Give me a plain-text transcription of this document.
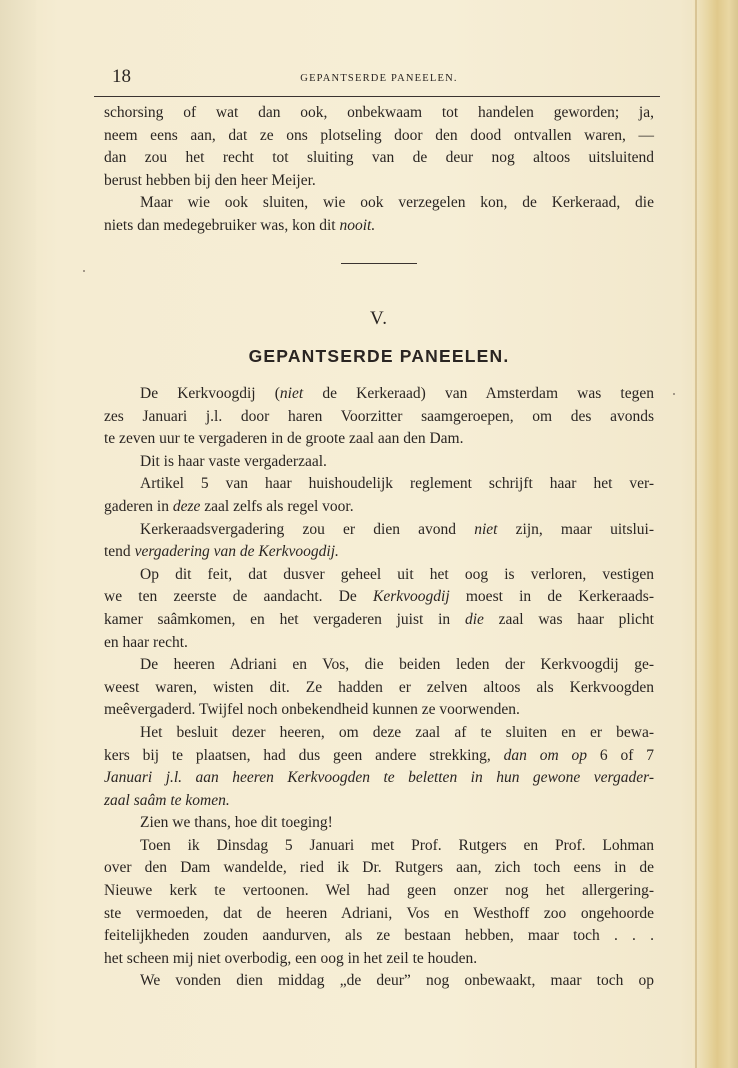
18	GEPANTSERDE PANEELEN.
schorsing of wat dan ook, onbekwaam tot handelen geworden; ja,
neem eens aan, dat ze ons plotseling door den dood ontvallen waren, —
dan zou het recht tot sluiting van de deur nog altoos uitsluitend
berust hebben bij den heer Meijer.
Maar wie ook sluiten, wie ook verzegelen kon, de Kerkeraad, die
niets dan medegebruiker was, kon dit nooit.
V.
GEPANTSERDE PANEELEN.
De Kerkvoogdij (niet de Kerkeraad) van Amsterdam was tegen
zes Januari j.l. door haren Voorzitter saamgeroepen, om des avonds
te zeven uur te vergaderen in de groote zaal aan den Dam.
Dit is haar vaste vergaderzaal.
Artikel 5 van haar huishoudelijk reglement schrijft haar het ver-
gaderen in deze zaal zelfs als regel voor.
Kerkeraadsvergadering zou er dien avond niet zijn, maar uitslui-
tend vergadering van de Kerkvoogdij.
Op dit feit, dat dusver geheel uit het oog is verloren, vestigen
we ten zeerste de aandacht. De Kerkvoogdij moest in de Kerkeraads-
kamer saâmkomen, en het vergaderen juist in die zaal was haar plicht
en haar recht.
De heeren Adriani en Vos, die beiden leden der Kerkvoogdij ge-
weest waren, wisten dit. Ze hadden er zelven altoos als Kerkvoogden
meêvergaderd. Twijfel noch onbekendheid kunnen ze voorwenden.
Het besluit dezer heeren, om deze zaal af te sluiten en er bewa-
kers bij te plaatsen, had dus geen andere strekking, dan om op 6 of 7
Januari j.l. aan heeren Kerkvoogden te beletten in hun gewone vergader-
zaal saâm te komen.
Zien we thans, hoe dit toeging!
Toen ik Dinsdag 5 Januari met Prof. Rutgers en Prof. Lohman
over den Dam wandelde, ried ik Dr. Rutgers aan, zich toch eens in de
Nieuwe kerk te vertoonen. Wel had geen onzer nog het allergering-
ste vermoeden, dat de heeren Adriani, Vos en Westhoff zoo ongehoorde
feitelijkheden zouden aandurven, als ze bestaan hebben, maar toch . . .
het scheen mij niet overbodig, een oog in het zeil te houden.
We vonden dien middag „de deur” nog onbewaakt, maar toch op
